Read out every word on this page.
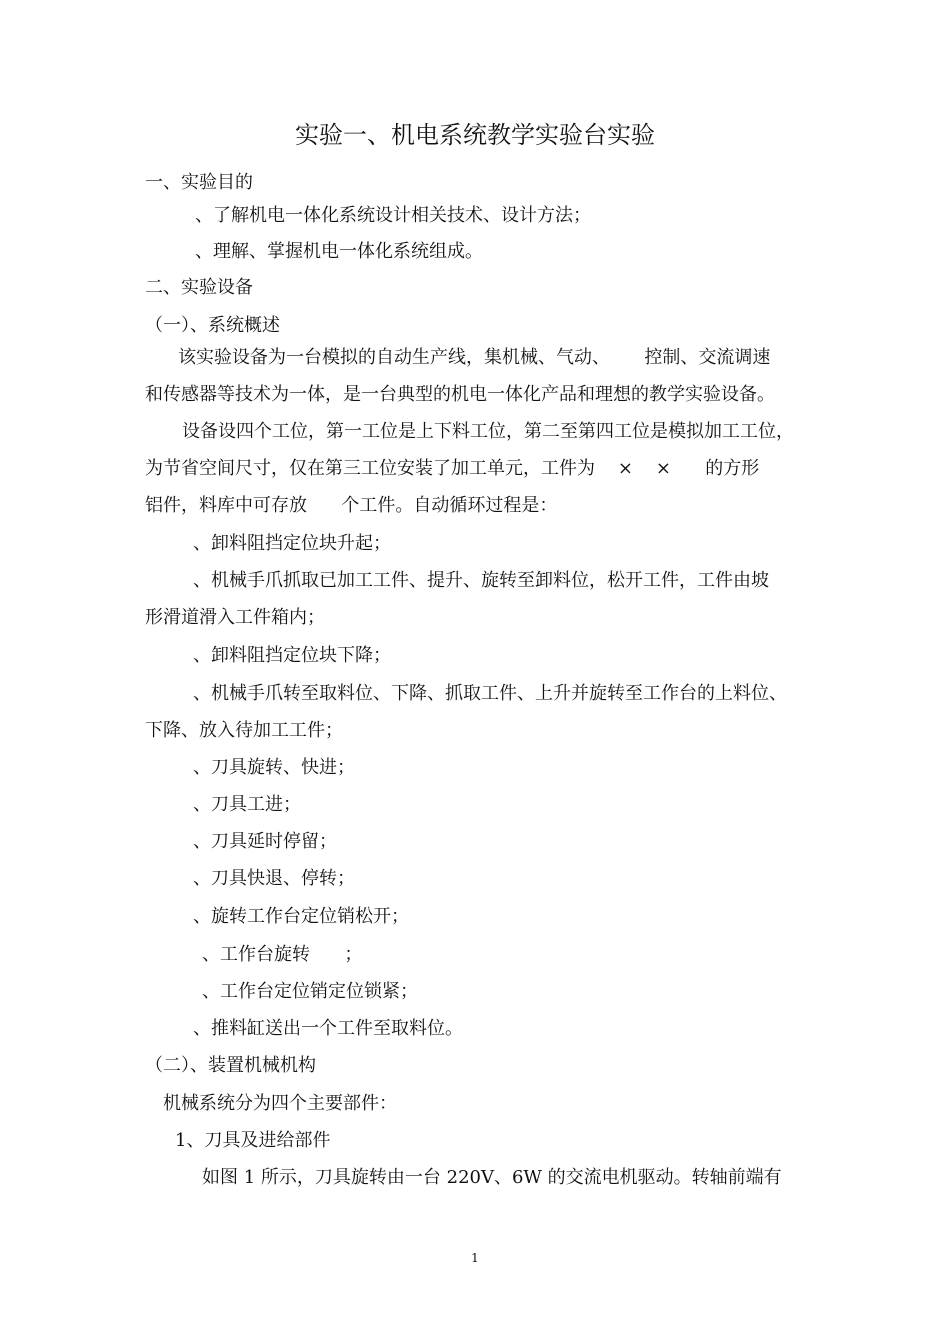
实验一、机电系统教学实验台实验
一、实验目的
、了解机电一体化系统设计相关技术、设计方法；
、理解、掌握机电一体化系统组成。
二、实验设备
（一）、系统概述
该实验设备为一台模拟的自动生产线，集机械、气动、      控制、交流调速
和传感器等技术为一体，是一台典型的机电一体化产品和理想的教学实验设备。
设备设四个工位，第一工位是上下料工位，第二至第四工位是模拟加工工位，
为节省空间尺寸，仅在第三工位安装了加工单元，工件为    ×    ×      的方形
铝件，料库中可存放      个工件。自动循环过程是：
、卸料阻挡定位块升起；
、机械手爪抓取已加工工件、提升、旋转至卸料位，松开工件，工件由坡
形滑道滑入工件箱内；
、卸料阻挡定位块下降；
、机械手爪转至取料位、下降、抓取工件、上升并旋转至工作台的上料位、
下降、放入待加工工件；
、刀具旋转、快进；
、刀具工进；
、刀具延时停留；
、刀具快退、停转；
、旋转工作台定位销松开；
、工作台旋转      ；
、工作台定位销定位锁紧；
、推料缸送出一个工件至取料位。
（二）、装置机械机构
机械系统分为四个主要部件：
1、刀具及进给部件
如图 1 所示，刀具旋转由一台 220V、6W 的交流电机驱动。转轴前端有
1
